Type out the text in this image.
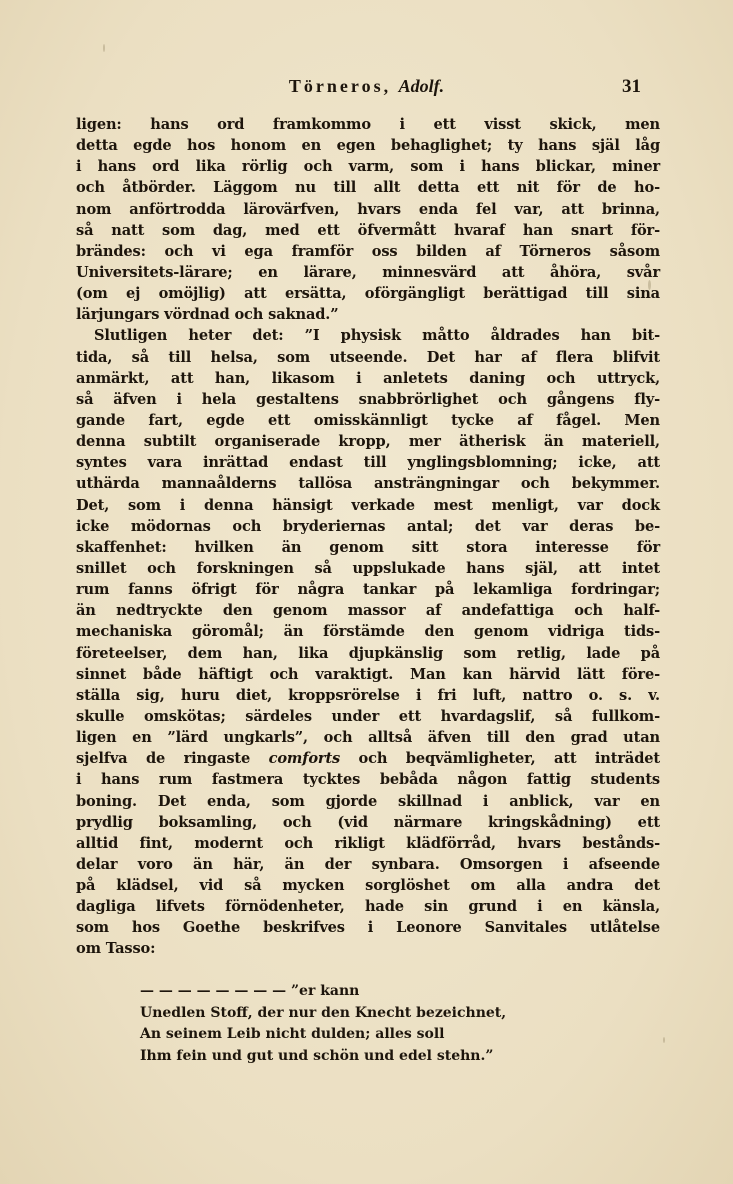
Törneros, Adolf.	31
ligen: hans ord framkommo i ett visst skick, men
detta egde hos honom en egen behaglighet; ty hans själ låg
i hans ord lika rörlig och varm, som i hans blickar, miner
och åtbörder. Läggom nu till allt detta ett nit för de ho-
nom anförtrodda lärovärfven, hvars enda fel var, att brinna,
så natt som dag, med ett öfvermått hvaraf han snart för-
brändes: och vi ega framför oss bilden af Törneros såsom
Universitets-lärare; en lärare, minnesvärd att åhöra, svår
(om ej omöjlig) att ersätta, oförgängligt berättigad till sina
lärjungars vördnad och saknad.”
Slutligen heter det: ”I physisk måtto åldrades han bit-
tida, så till helsa, som utseende. Det har af flera blifvit
anmärkt, att han, likasom i anletets daning och uttryck,
så äfven i hela gestaltens snabbrörlighet och gångens fly-
gande fart, egde ett omisskännligt tycke af fågel. Men
denna subtilt organiserade kropp, mer ätherisk än materiell,
syntes vara inrättad endast till ynglingsblomning; icke, att
uthärda mannaålderns tallösa ansträngningar och bekymmer.
Det, som i denna hänsigt verkade mest menligt, var dock
icke mödornas och bryderiernas antal; det var deras be-
skaffenhet: hvilken än genom sitt stora interesse för
snillet och forskningen så uppslukade hans själ, att intet
rum fanns öfrigt för några tankar på lekamliga fordringar;
än nedtryckte den genom massor af andefattiga och half-
mechaniska göromål; än förstämde den genom vidriga tids-
företeelser, dem han, lika djupkänslig som retlig, lade på
sinnet både häftigt och varaktigt. Man kan härvid lätt före-
ställa sig, huru diet, kroppsrörelse i fri luft, nattro o. s. v.
skulle omskötas; särdeles under ett hvardagslif, så fullkom-
ligen en ”lärd ungkarls”, och alltså äfven till den grad utan
sjelfva de ringaste comforts och beqvämligheter, att inträdet
i hans rum fastmera tycktes bebåda någon fattig students
boning. Det enda, som gjorde skillnad i anblick, var en
prydlig boksamling, och (vid närmare kringskådning) ett
alltid fint, modernt och rikligt klädförråd, hvars bestånds-
delar voro än här, än der synbara. Omsorgen i afseende
på klädsel, vid så mycken sorglöshet om alla andra det
dagliga lifvets förnödenheter, hade sin grund i en känsla,
som hos Goethe beskrifves i Leonore Sanvitales utlåtelse
om Tasso:
— — — — — — — — ”er kann
Unedlen Stoff, der nur den Knecht bezeichnet,
An seinem Leib nicht dulden; alles soll
Ihm fein und gut und schön und edel stehn.”
